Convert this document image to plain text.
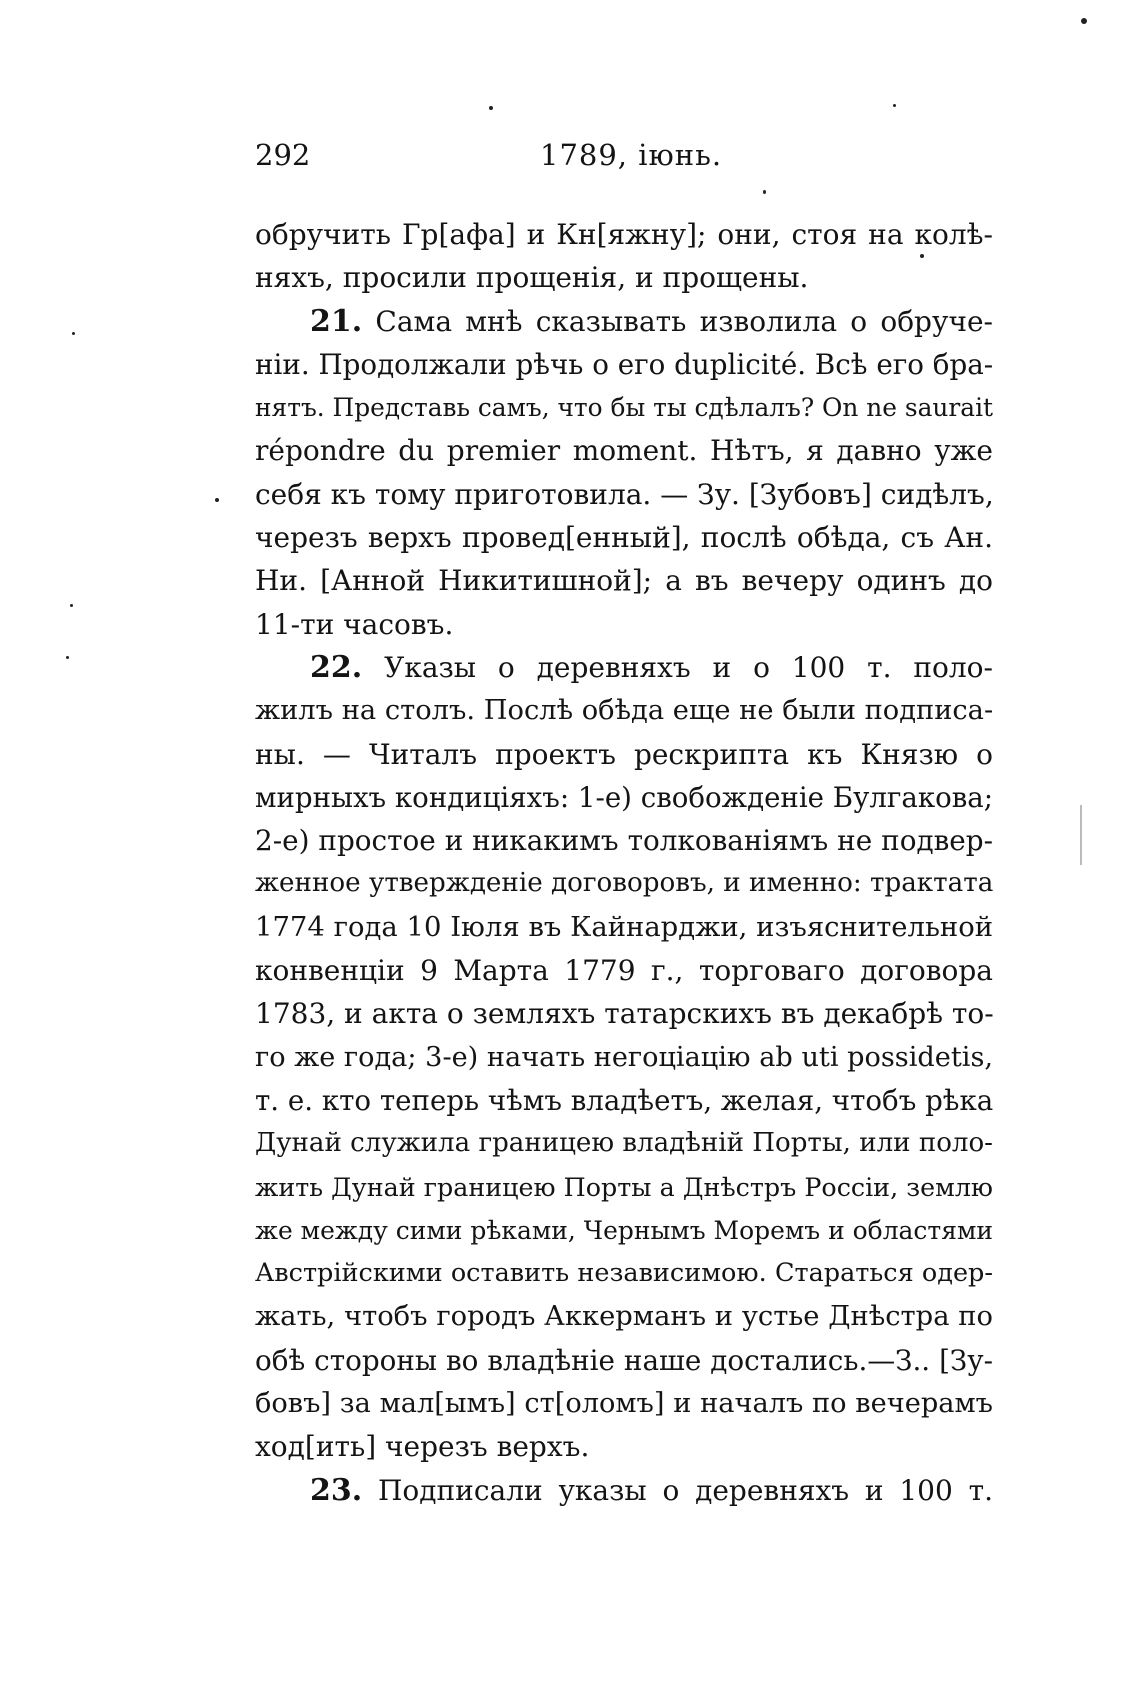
292	1789, іюнь.
обручить Гр[афа] и Кн[яжну]; они, стоя на колѣ-
няхъ, просили прощенія, и прощены.
21. Сама мнѣ сказывать изволила о обруче-
ніи. Продолжали рѣчь о его duplicité. Всѣ его бра-
нятъ. Представь самъ, что бы ты сдѣлалъ? On ne saurait
répondre du premier moment. Нѣтъ, я давно уже
себя къ тому приготовила. — Зу. [Зубовъ] сидѣлъ,
черезъ верхъ провед[енный], послѣ обѣда, съ Ан.
Ни. [Анной Никитишной]; а въ вечеру одинъ до
11-ти часовъ.
22. Указы о деревняхъ и о 100 т. поло-
жилъ на столъ. Послѣ обѣда еще не были подписа-
ны. — Читалъ проектъ рескрипта къ Князю о
мирныхъ кондиціяхъ: 1-е) свобожденіе Булгакова;
2-е) простое и никакимъ толкованіямъ не подвер-
женное утвержденіе договоровъ, и именно: трактата
1774 года 10 Іюля въ Кайнарджи, изъяснительной
конвенціи 9 Марта 1779 г., торговаго договора
1783, и акта о земляхъ татарскихъ въ декабрѣ то-
го же года; 3-е) начать негоціацію ab uti possidetis,
т. е. кто теперь чѣмъ владѣетъ, желая, чтобъ рѣка
Дунай служила границею владѣній Порты, или поло-
жить Дунай границею Порты а Днѣстръ Россіи, землю
же между сими рѣками, Чернымъ Моремъ и областями
Австрійскими оставить независимою. Стараться одер-
жать, чтобъ городъ Аккерманъ и устье Днѣстра по
обѣ стороны во владѣніе наше достались.—З.. [Зу-
бовъ] за мал[ымъ] ст[оломъ] и началъ по вечерамъ
ход[ить] черезъ верхъ.
23. Подписали указы о деревняхъ и 100 т.
